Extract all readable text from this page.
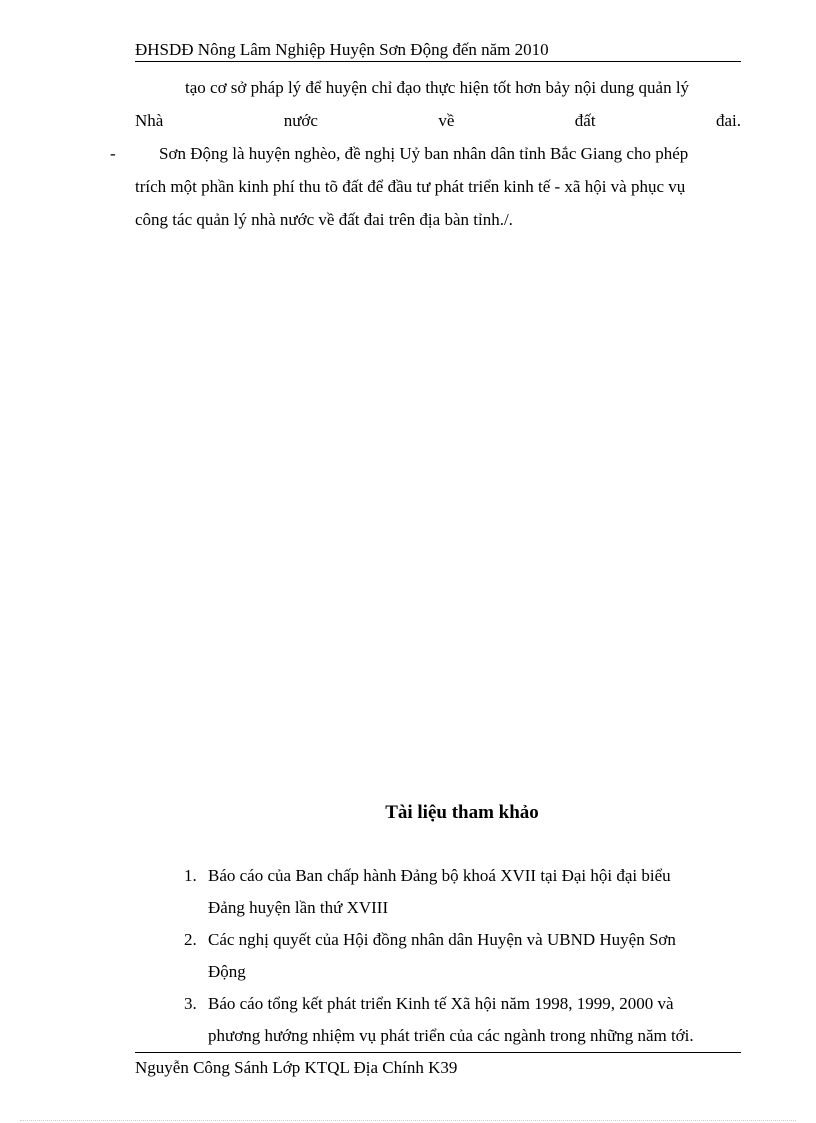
ĐHSDĐ Nông Lâm Nghiệp Huyện Sơn Động đến năm 2010
tạo cơ sở pháp lý để huyện chỉ đạo thực hiện tốt hơn bảy nội dung quản lý
Nhà	nước	về	đất	đai.
-	Sơn Động là huyện nghèo, đề nghị Uỷ ban nhân dân tỉnh Bắc Giang cho phép
trích một phần kinh phí thu tõ đất để đầu tư phát triển kinh tế - xã hội và phục vụ
công tác quản lý nhà nước về đất đai trên địa bàn tỉnh./.
Tài liệu tham khảo
1. Báo cáo của Ban chấp hành Đảng bộ khoá XVII tại Đại hội đại biểu
Đảng huyện lần thứ XVIII
2. Các nghị quyết của Hội đồng nhân dân Huyện và UBND Huyện Sơn
Động
3. Báo cáo tổng kết phát triển Kinh tế Xã hội năm 1998, 1999, 2000 và
phương hướng nhiệm vụ phát triển của các ngành trong những năm tới.
Nguyễn Công Sánh Lớp KTQL Địa Chính K39
